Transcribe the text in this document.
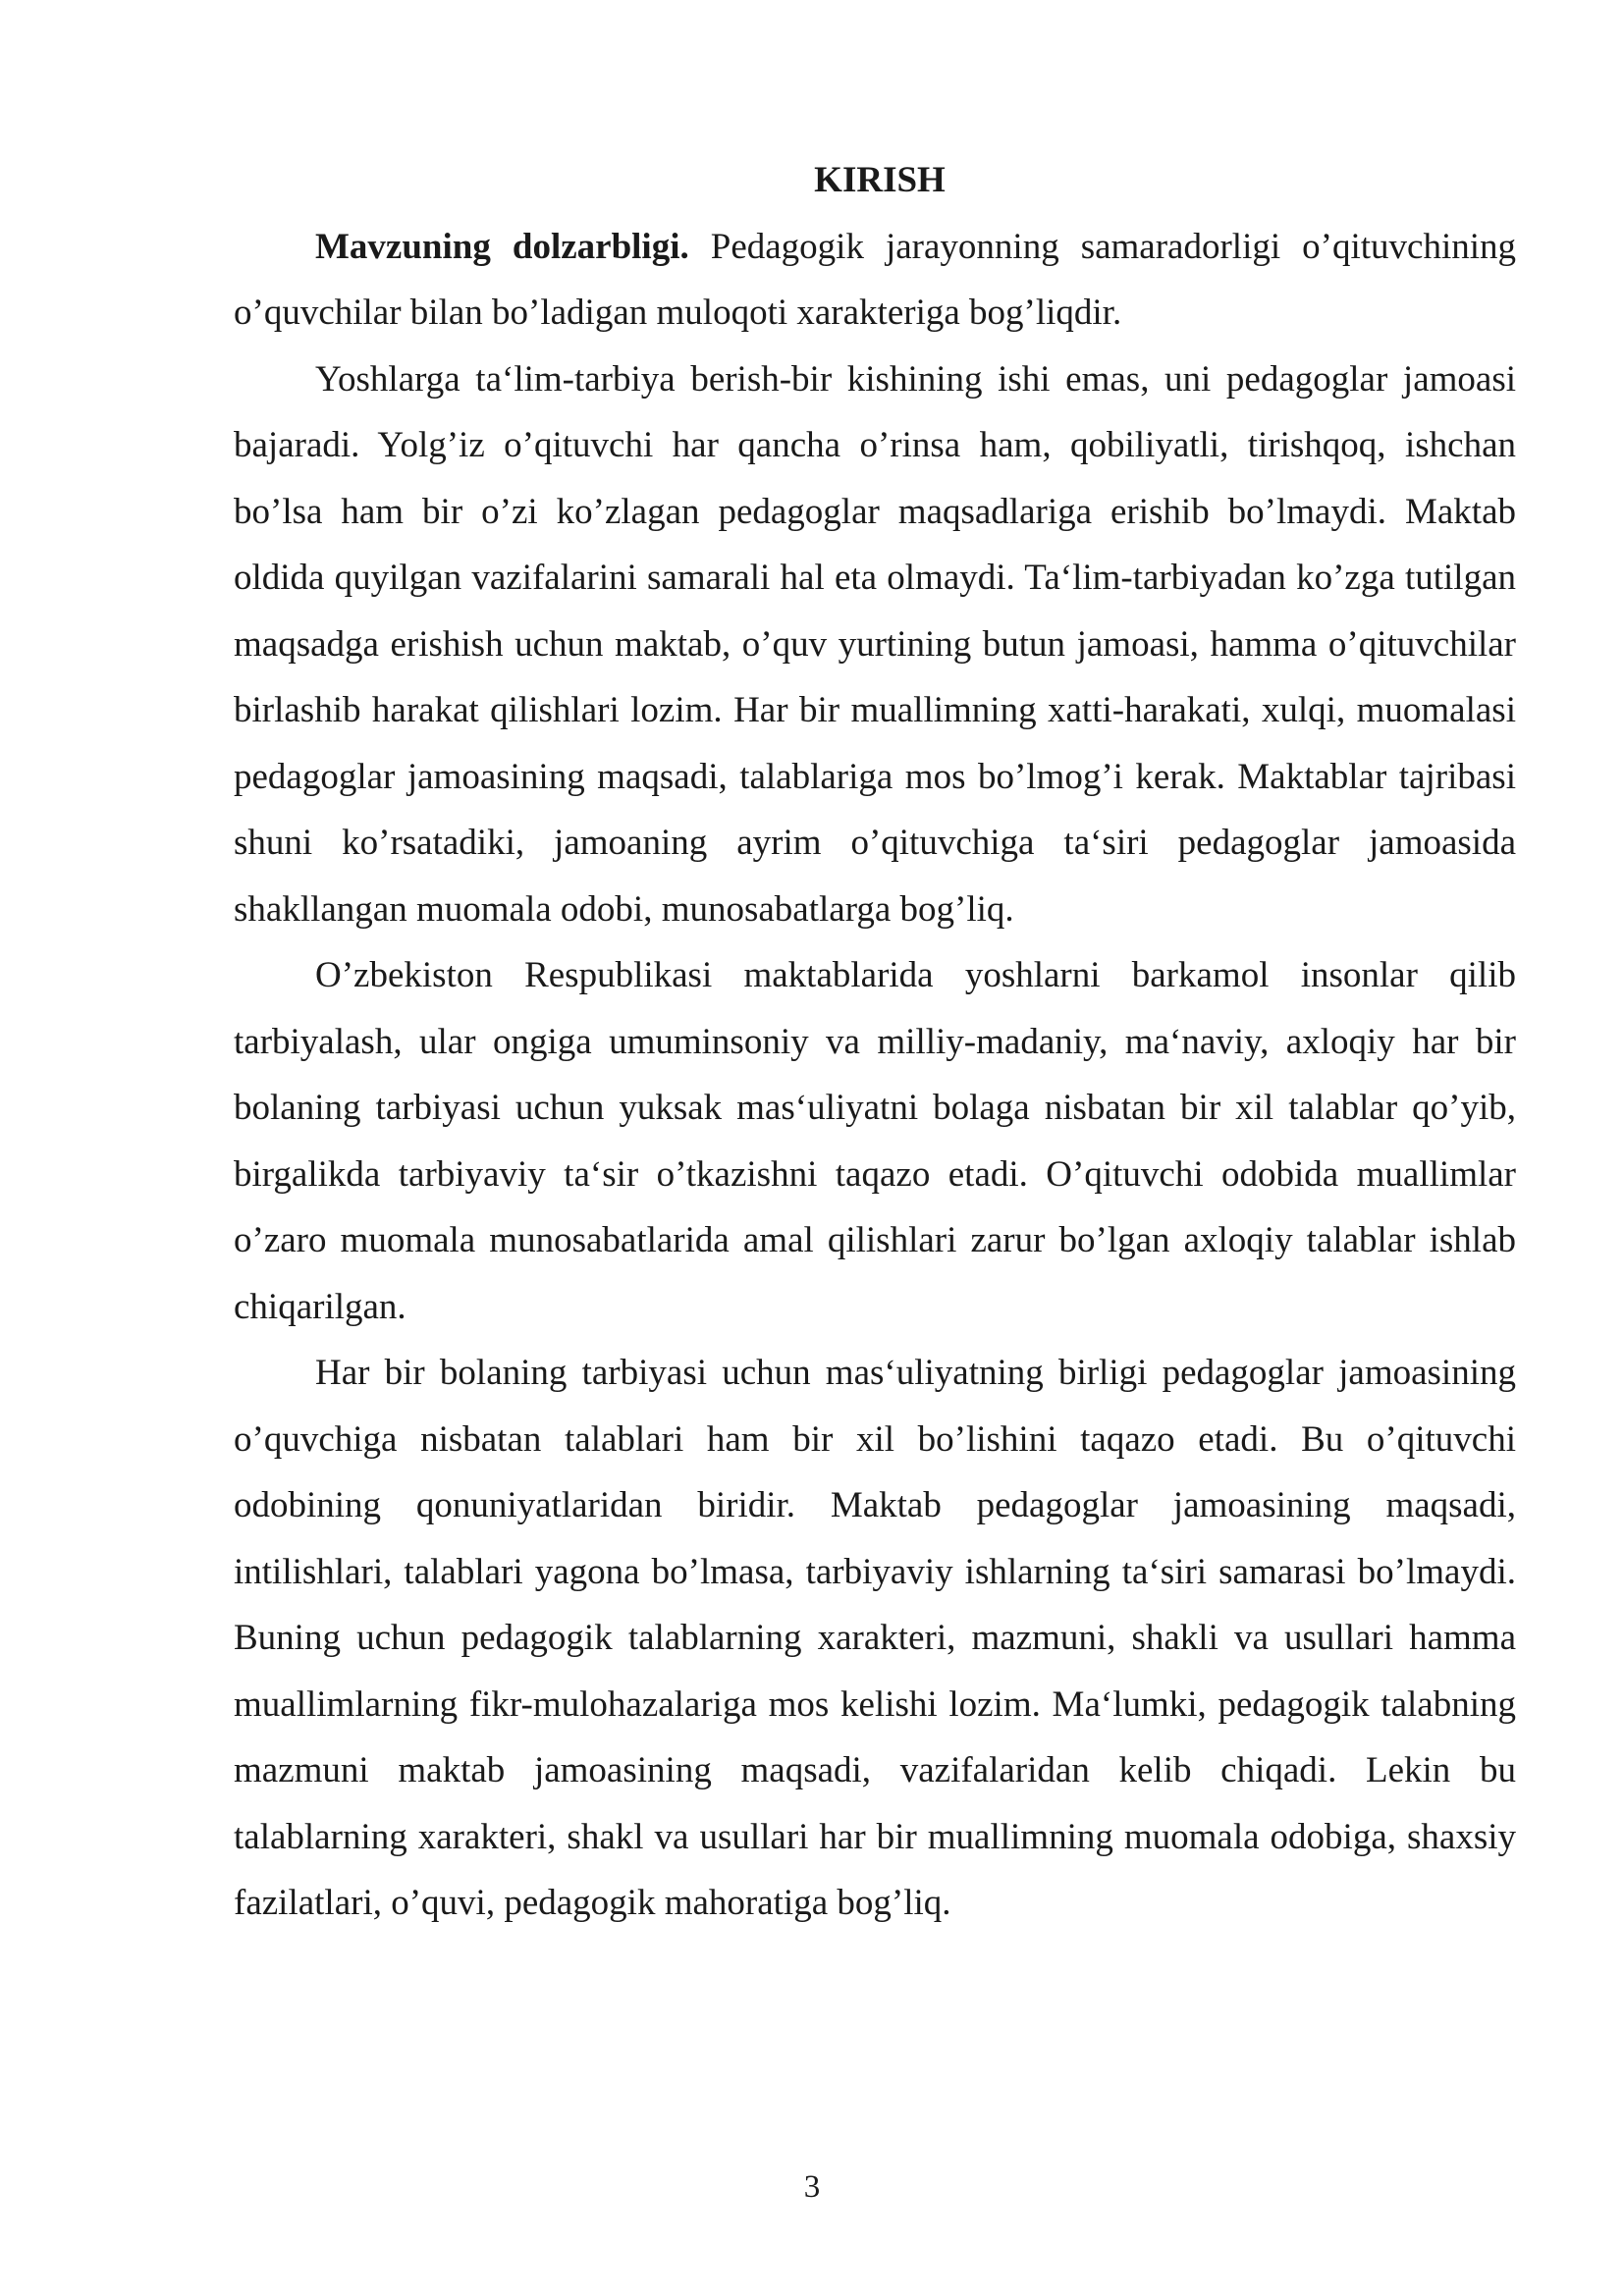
KIRISH

Mavzuning dolzarbligi. Pedagogik jarayonning samaradorligi o’qituvchining o’quvchilar bilan bo’ladigan muloqoti xarakteriga bog’liqdir.

Yoshlarga ta‘lim-tarbiya berish-bir kishining ishi emas, uni pedagoglar jamoasi bajaradi. Yolg’iz o’qituvchi har qancha o’rinsa ham, qobiliyatli, tirishqoq, ishchan bo’lsa ham bir o’zi ko’zlagan pedagoglar maqsadlariga erishib bo’lmaydi. Maktab oldida quyilgan vazifalarini samarali hal eta olmaydi. Ta‘lim-tarbiyadan ko’zga tutilgan maqsadga erishish uchun maktab, o’quv yurtining butun jamoasi, hamma o’qituvchilar birlashib harakat qilishlari lozim. Har bir muallimning xatti-harakati, xulqi, muomalasi pedagoglar jamoasining maqsadi, talablariga mos bo’lmog’i kerak. Maktablar tajribasi shuni ko’rsatadiki, jamoaning ayrim o’qituvchiga ta‘siri pedagoglar jamoasida shakllangan muomala odobi, munosabatlarga bog’liq.

O’zbekiston Respublikasi maktablarida yoshlarni barkamol insonlar qilib tarbiyalash, ular ongiga umuminsoniy va milliy-madaniy, ma‘naviy, axloqiy har bir bolaning tarbiyasi uchun yuksak mas‘uliyatni bolaga nisbatan bir xil talablar qo’yib, birgalikda tarbiyaviy ta‘sir o’tkazishni taqazo etadi. O’qituvchi odobida muallimlar o’zaro muomala munosabatlarida amal qilishlari zarur bo’lgan axloqiy talablar ishlab chiqarilgan.

Har bir bolaning tarbiyasi uchun mas‘uliyatning birligi pedagoglar jamoasining o’quvchiga nisbatan talablari ham bir xil bo’lishini taqazo etadi. Bu o’qituvchi odobining qonuniyatlaridan biridir. Maktab pedagoglar jamoasining maqsadi, intilishlari, talablari yagona bo’lmasa, tarbiyaviy ishlarning ta‘siri samarasi bo’lmaydi. Buning uchun pedagogik talablarning xarakteri, mazmuni, shakli va usullari hamma muallimlarning fikr-mulohazalariga mos kelishi lozim. Ma‘lumki, pedagogik talabning mazmuni maktab jamoasining maqsadi, vazifalaridan kelib chiqadi. Lekin bu talablarning xarakteri, shakl va usullari har bir muallimning muomala odobiga, shaxsiy fazilatlari, o’quvi, pedagogik mahoratiga bog’liq.

3
